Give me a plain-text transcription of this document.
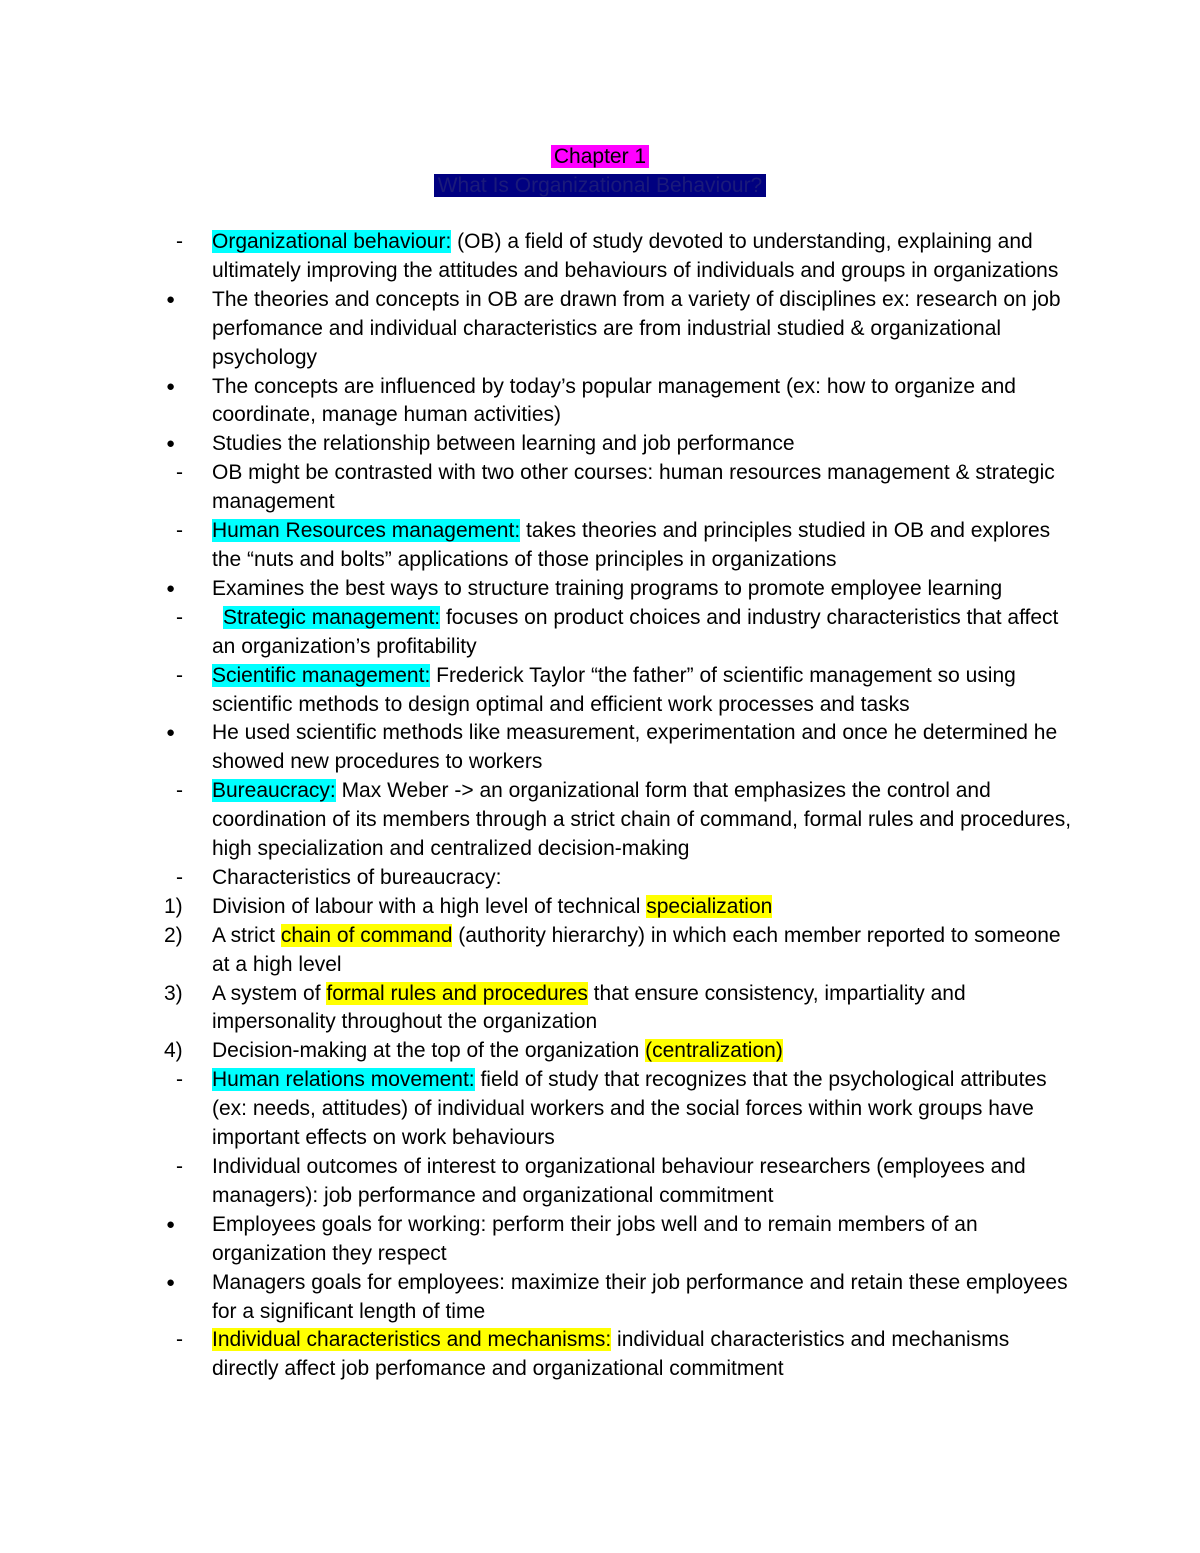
Chapter 1
What Is Organizational Behaviour?
-	Organizational behaviour: (OB) a field of study devoted to understanding, explaining and ultimately improving the attitudes and behaviours of individuals and groups in organizations
●	The theories and concepts in OB are drawn from a variety of disciplines ex: research on job perfomance and individual characteristics are from industrial studied & organizational psychology
●	The concepts are influenced by today’s popular management (ex: how to organize and coordinate, manage human activities)
●	Studies the relationship between learning and job performance
-	OB might be contrasted with two other courses: human resources management & strategic management
-	Human Resources management: takes theories and principles studied in OB and explores the “nuts and bolts” applications of those principles in organizations
●	Examines the best ways to structure training programs to promote employee learning
-	Strategic management: focuses on product choices and industry characteristics that affect an organization’s profitability
-	Scientific management: Frederick Taylor “the father” of scientific management so using scientific methods to design optimal and efficient work processes and tasks
●	He used scientific methods like measurement, experimentation and once he determined he showed new procedures to workers
-	Bureaucracy: Max Weber -> an organizational form that emphasizes the control and coordination of its members through a strict chain of command, formal rules and procedures, high specialization and centralized decision-making
-	Characteristics of bureaucracy:
1)	Division of labour with a high level of technical specialization
2)	A strict chain of command (authority hierarchy) in which each member reported to someone at a high level
3)	A system of formal rules and procedures that ensure consistency, impartiality and impersonality throughout the organization
4)	Decision-making at the top of the organization (centralization)
-	Human relations movement: field of study that recognizes that the psychological attributes (ex: needs, attitudes) of individual workers and the social forces within work groups have important effects on work behaviours
-	Individual outcomes of interest to organizational behaviour researchers (employees and managers): job performance and organizational commitment
●	Employees goals for working: perform their jobs well and to remain members of an organization they respect
●	Managers goals for employees: maximize their job performance and retain these employees for a significant length of time
-	Individual characteristics and mechanisms: individual characteristics and mechanisms directly affect job perfomance and organizational commitment
